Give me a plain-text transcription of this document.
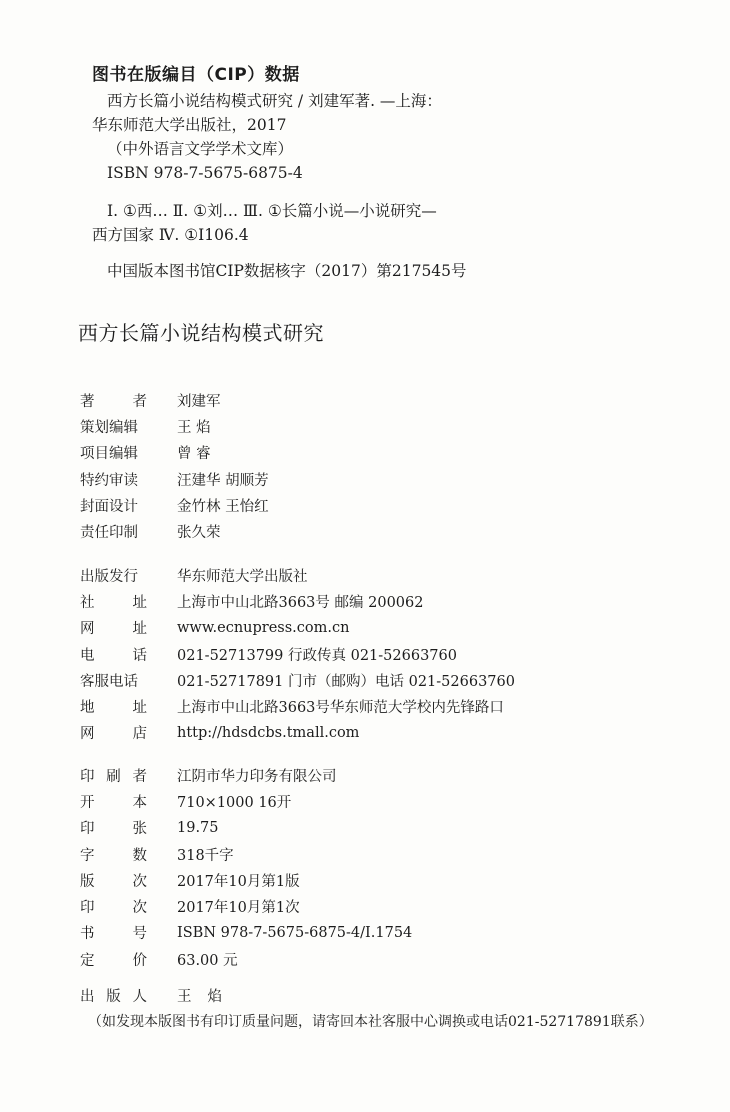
图书在版编目（CIP）数据
西方长篇小说结构模式研究 / 刘建军著. —上海：
华东师范大学出版社，2017
（中外语言文学学术文库）
ISBN 978-7-5675-6875-4
Ⅰ. ①西… Ⅱ. ①刘… Ⅲ. ①长篇小说—小说研究—
西方国家 Ⅳ. ①I106.4
中国版本图书馆CIP数据核字（2017）第217545号
西方长篇小说结构模式研究
著	者 刘建军
策划编辑	王 焰
项目编辑	曾 睿
特约审读	汪建华 胡顺芳
封面设计	金竹林 王怡红
责任印制	张久荣
出版发行	华东师范大学出版社
社	址 上海市中山北路3663号 邮编 200062
网	址 www.ecnupress.com.cn
电	话 021-52713799 行政传真 021-52663760
客服电话	021-52717891 门市（邮购）电话 021-52663760
地	址 上海市中山北路3663号华东师范大学校内先锋路口
网	店 http://hdsdcbs.tmall.com
印 刷 者 江阴市华力印务有限公司
开	本 710×1000 16开
印	张 19.75
字	数 318千字
版	次 2017年10月第1版
印	次 2017年10月第1次
书	号 ISBN 978-7-5675-6875-4/I.1754
定	价 63.00 元
出 版 人 王焰
（如发现本版图书有印订质量问题，请寄回本社客服中心调换或电话021-52717891联系）
